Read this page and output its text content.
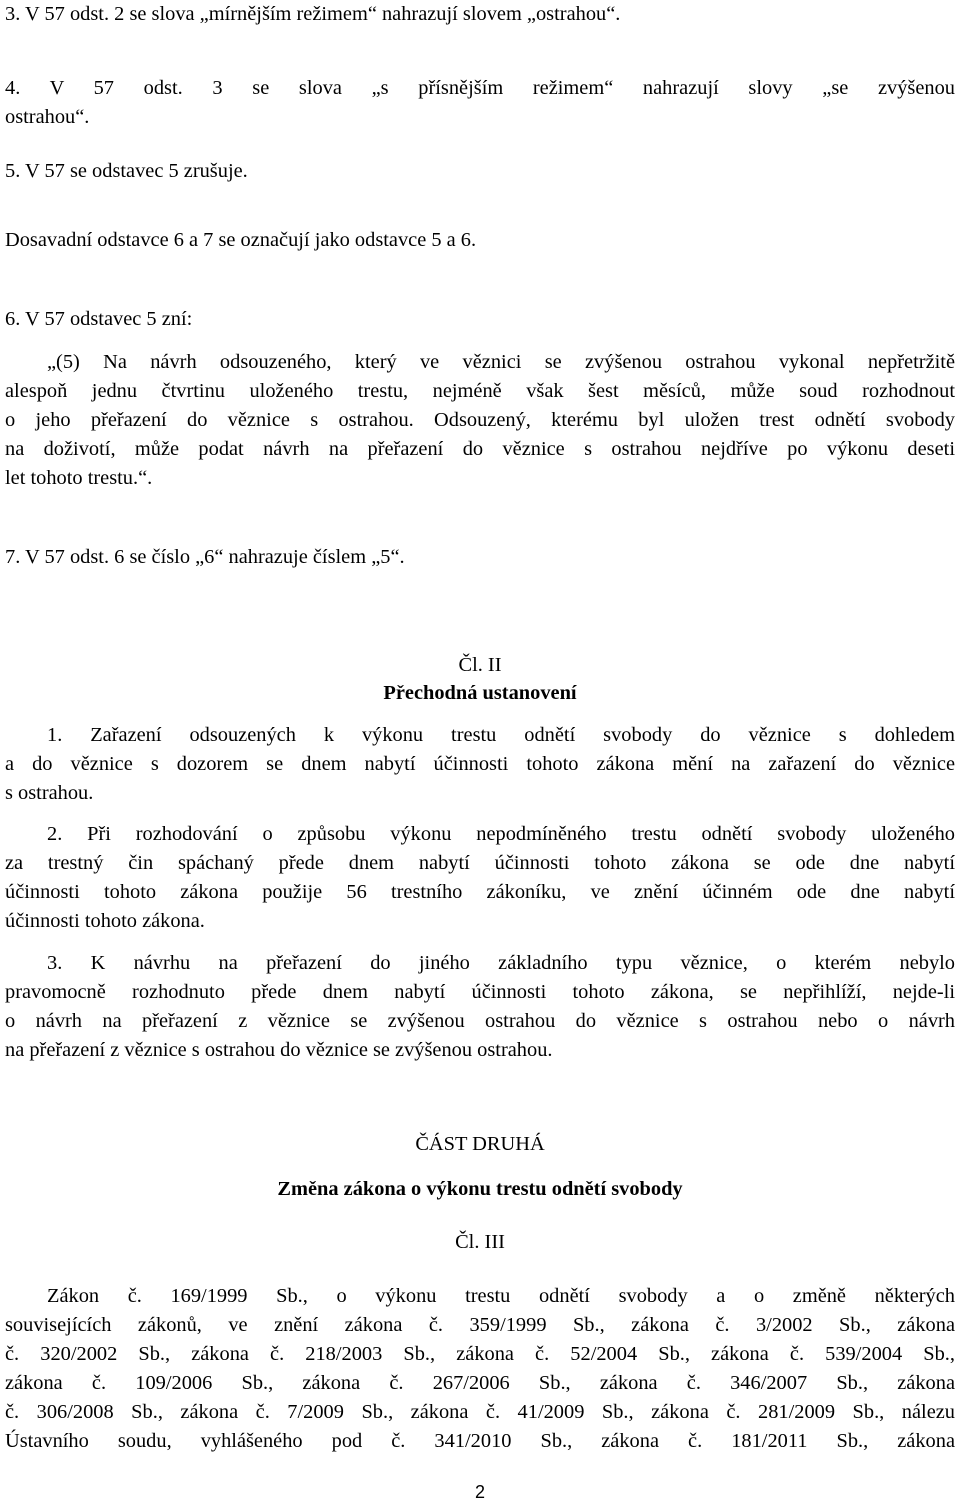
3. V 57 odst. 2 se slova „mírnějším režimem“ nahrazují slovem „ostrahou“.
4. V 57 odst. 3 se slova „s přísnějším režimem“ nahrazují slovy „se zvýšenou
ostrahou“.
5. V 57 se odstavec 5 zrušuje.
Dosavadní odstavce 6 a 7 se označují jako odstavce 5 a 6.
6. V 57 odstavec 5 zní:
„(5) Na návrh odsouzeného, který ve věznici se zvýšenou ostrahou vykonal nepřetržitě
alespoň jednu čtvrtinu uloženého trestu, nejméně však šest měsíců, může soud rozhodnout
o jeho přeřazení do věznice s ostrahou. Odsouzený, kterému byl uložen trest odnětí svobody
na doživotí, může podat návrh na přeřazení do věznice s ostrahou nejdříve po výkonu deseti
let tohoto trestu.“.
7. V 57 odst. 6 se číslo „6“ nahrazuje číslem „5“.
Čl. II
Přechodná ustanovení
1. Zařazení odsouzených k výkonu trestu odnětí svobody do věznice s dohledem
a do věznice s dozorem se dnem nabytí účinnosti tohoto zákona mění na zařazení do věznice
s ostrahou.
2. Při rozhodování o způsobu výkonu nepodmíněného trestu odnětí svobody uloženého
za trestný čin spáchaný přede dnem nabytí účinnosti tohoto zákona se ode dne nabytí
účinnosti tohoto zákona použije 56 trestního zákoníku, ve znění účinném ode dne nabytí
účinnosti tohoto zákona.
3. K návrhu na přeřazení do jiného základního typu věznice, o kterém nebylo
pravomocně rozhodnuto přede dnem nabytí účinnosti tohoto zákona, se nepřihlíží, nejde-li
o návrh na přeřazení z věznice se zvýšenou ostrahou do věznice s ostrahou nebo o návrh
na přeřazení z věznice s ostrahou do věznice se zvýšenou ostrahou.
ČÁST DRUHÁ
Změna zákona o výkonu trestu odnětí svobody
Čl. III
Zákon č. 169/1999 Sb., o výkonu trestu odnětí svobody a o změně některých
souvisejících zákonů, ve znění zákona č. 359/1999 Sb., zákona č. 3/2002 Sb., zákona
č. 320/2002 Sb., zákona č. 218/2003 Sb., zákona č. 52/2004 Sb., zákona č. 539/2004 Sb.,
zákona č. 109/2006 Sb., zákona č. 267/2006 Sb., zákona č. 346/2007 Sb., zákona
č. 306/2008 Sb., zákona č. 7/2009 Sb., zákona č. 41/2009 Sb., zákona č. 281/2009 Sb., nálezu
Ústavního soudu, vyhlášeného pod č. 341/2010 Sb., zákona č. 181/2011 Sb., zákona
2
